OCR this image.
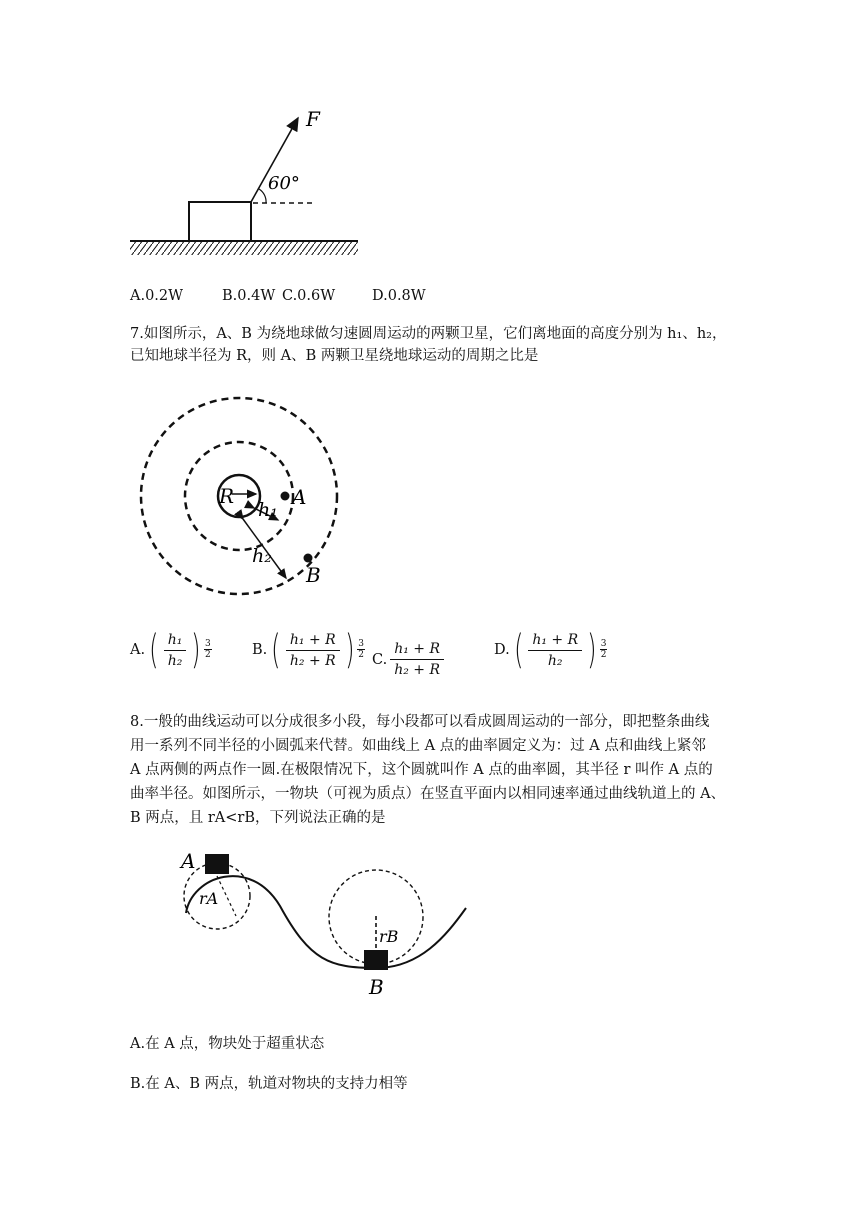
F
60°
A.0.2W	B.0.4W C.0.6W	D.0.8W
7.如图所示，A、B 为绕地球做匀速圆周运动的两颗卫星，它们离地面的高度分别为 h₁、h₂，
已知地球半径为 R，则 A、B 两颗卫星绕地球运动的周期之比是
R	A
B
h₁
h₂
A. ( $\frac{\text{h₁}}{\text{h₂}}$ ) 3
2	B. ( $\frac{\text{h₁ + R}}{\text{h₂ + R}}$ ) 3
2 C. $\frac{\text{h₁ + R}}{\text{h₂ + R}}$	D. ( $\frac{\text{h₁ + R}}{\text{h₂}}$ ) 3
2
8.一般的曲线运动可以分成很多小段，每小段都可以看成圆周运动的一部分，即把整条曲线
用一系列不同半径的小圆弧来代替。如曲线上 A 点的曲率圆定义为：过 A 点和曲线上紧邻
A 点两侧的两点作一圆.在极限情况下，这个圆就叫作 A 点的曲率圆，其半径 r 叫作 A 点的
曲率半径。如图所示，一物块（可视为质点）在竖直平面内以相同速率通过曲线轨道上的 A、
B 两点，且 rA<rB，下列说法正确的是
A
B
rA
rB
A.在 A 点，物块处于超重状态
B.在 A、B 两点，轨道对物块的支持力相等
